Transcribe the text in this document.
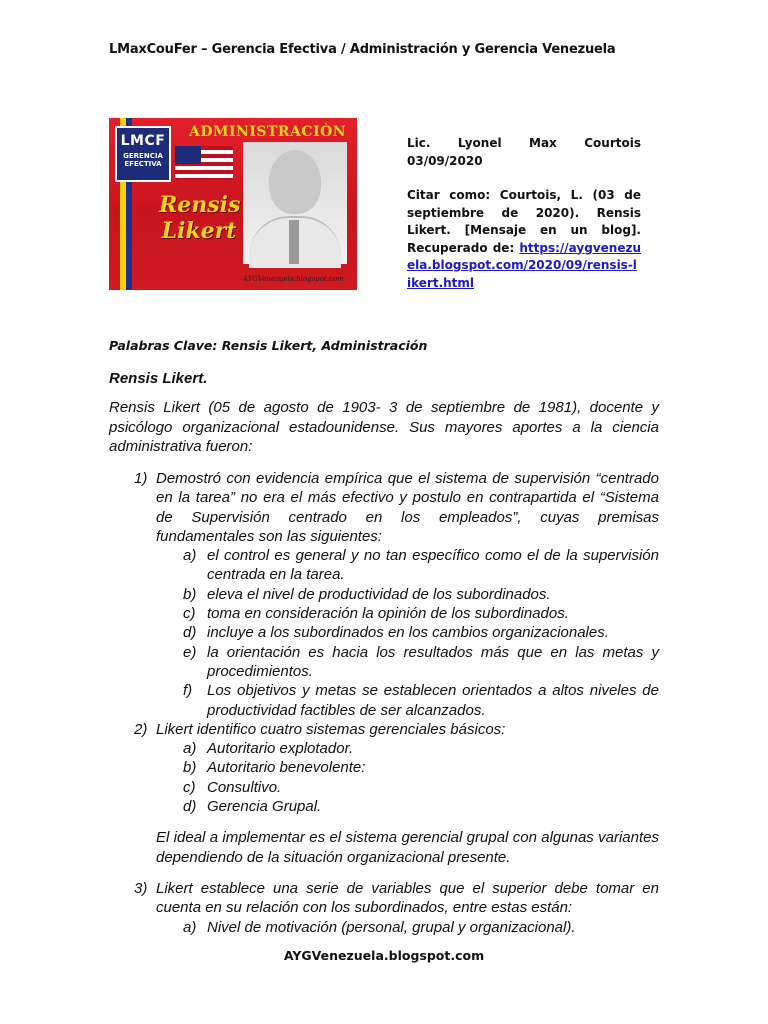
LMaxCouFer – Gerencia Efectiva / Administración y Gerencia Venezuela
LMCF
GERENCIA EFECTIVA
ADMINISTRACIÒN
Rensis
Likert
AYGVenezuela.blogspot.com
Lic. Lyonel Max Courtois 03/09/2020
Citar como: Courtois, L. (03 de septiembre de 2020). Rensis Likert. [Mensaje en un blog]. Recuperado de: https://aygvenezuela.blogspot.com/2020/09/rensis-likert.html
Palabras Clave: Rensis Likert, Administración
Rensis Likert.
Rensis Likert (05 de agosto de 1903- 3 de septiembre de 1981), docente y psicólogo organizacional estadounidense. Sus mayores aportes a la ciencia administrativa fueron:
1) Demostró con evidencia empírica que el sistema de supervisión “centrado en la tarea” no era el más efectivo y postulo en contrapartida el “Sistema de Supervisión centrado en los empleados”, cuyas premisas fundamentales son las siguientes:
a) el control es general y no tan específico como el de la supervisión centrada en la tarea.
b) eleva el nivel de productividad de los subordinados.
c) toma en consideración la opinión de los subordinados.
d) incluye a los subordinados en los cambios organizacionales.
e) la orientación es hacia los resultados más que en las metas y procedimientos.
f) Los objetivos y metas se establecen orientados a altos niveles de productividad factibles de ser alcanzados.
2) Likert identifico cuatro sistemas gerenciales básicos:
a) Autoritario explotador.
b) Autoritario benevolente:
c) Consultivo.
d) Gerencia Grupal.
El ideal a implementar es el sistema gerencial grupal con algunas variantes dependiendo de la situación organizacional presente.
3) Likert establece una serie de variables que el superior debe tomar en cuenta en su relación con los subordinados, entre estas están:
a) Nivel de motivación (personal, grupal y organizacional).
AYGVenezuela.blogspot.com
